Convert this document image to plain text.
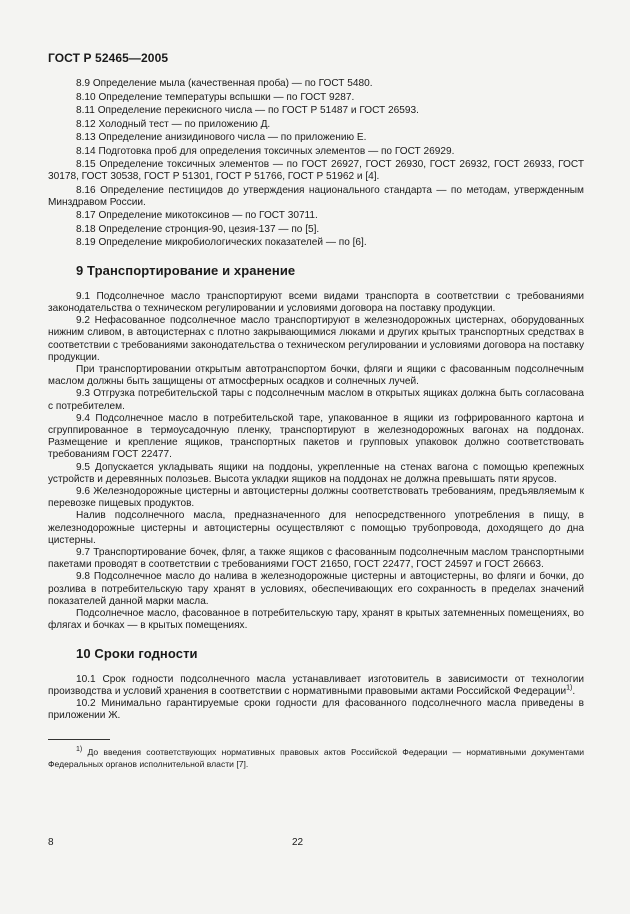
ГОСТ Р 52465—2005

8.9 Определение мыла (качественная проба) — по ГОСТ 5480.

8.10 Определение температуры вспышки — по ГОСТ 9287.

8.11 Определение перекисного числа — по ГОСТ Р 51487 и ГОСТ 26593.

8.12 Холодный тест — по приложению Д.

8.13 Определение анизидинового числа — по приложению Е.

8.14 Подготовка проб для определения токсичных элементов — по ГОСТ 26929.

8.15 Определение токсичных элементов — по ГОСТ 26927, ГОСТ 26930, ГОСТ 26932, ГОСТ 26933, ГОСТ 30178, ГОСТ 30538, ГОСТ Р 51301, ГОСТ Р 51766, ГОСТ Р 51962 и [4].

8.16 Определение пестицидов до утверждения национального стандарта — по методам, утвержденным Минздравом России.

8.17 Определение микотоксинов — по ГОСТ 30711.

8.18 Определение стронция-90, цезия-137 — по [5].

8.19 Определение микробиологических показателей — по [6].

9 Транспортирование и хранение

9.1 Подсолнечное масло транспортируют всеми видами транспорта в соответствии с требованиями законодательства о техническом регулировании и условиями договора на поставку продукции.

9.2 Нефасованное подсолнечное масло транспортируют в железнодорожных цистернах, оборудованных нижним сливом, в автоцистернах с плотно закрывающимися люками и других крытых транспортных средствах в соответствии с требованиями законодательства о техническом регулировании и условиями договора на поставку продукции.

При транспортировании открытым автотранспортом бочки, фляги и ящики с фасованным подсолнечным маслом должны быть защищены от атмосферных осадков и солнечных лучей.

9.3 Отгрузка потребительской тары с подсолнечным маслом в открытых ящиках должна быть согласована с потребителем.

9.4 Подсолнечное масло в потребительской таре, упакованное в ящики из гофрированного картона и сгруппированное в термоусадочную пленку, транспортируют в железнодорожных вагонах на поддонах. Размещение и крепление ящиков, транспортных пакетов и групповых упаковок должно соответствовать требованиям ГОСТ 22477.

9.5 Допускается укладывать ящики на поддоны, укрепленные на стенах вагона с помощью крепежных устройств и деревянных полозьев. Высота укладки ящиков на поддонах не должна превышать пяти ярусов.

9.6 Железнодорожные цистерны и автоцистерны должны соответствовать требованиям, предъявляемым к перевозке пищевых продуктов.

Налив подсолнечного масла, предназначенного для непосредственного употребления в пищу, в железнодорожные цистерны и автоцистерны осуществляют с помощью трубопровода, доходящего до дна цистерны.

9.7 Транспортирование бочек, фляг, а также ящиков с фасованным подсолнечным маслом транспортными пакетами проводят в соответствии с требованиями ГОСТ 21650, ГОСТ 22477, ГОСТ 24597 и ГОСТ 26663.

9.8 Подсолнечное масло до налива в железнодорожные цистерны и автоцистерны, во фляги и бочки, до розлива в потребительскую тару хранят в условиях, обеспечивающих его сохранность в пределах значений показателей данной марки масла.

Подсолнечное масло, фасованное в потребительскую тару, хранят в крытых затемненных помещениях, во флягах и бочках — в крытых помещениях.

10 Сроки годности

10.1 Срок годности подсолнечного масла устанавливает изготовитель в зависимости от технологии производства и условий хранения в соответствии с нормативными правовыми актами Российской Федерации$^{1)}$.

10.2 Минимально гарантируемые сроки годности для фасованного подсолнечного масла приведены в приложении Ж.

$^{1)}$ До введения соответствующих нормативных правовых актов Российской Федерации — нормативными документами Федеральных органов исполнительной власти [7].

8	22
